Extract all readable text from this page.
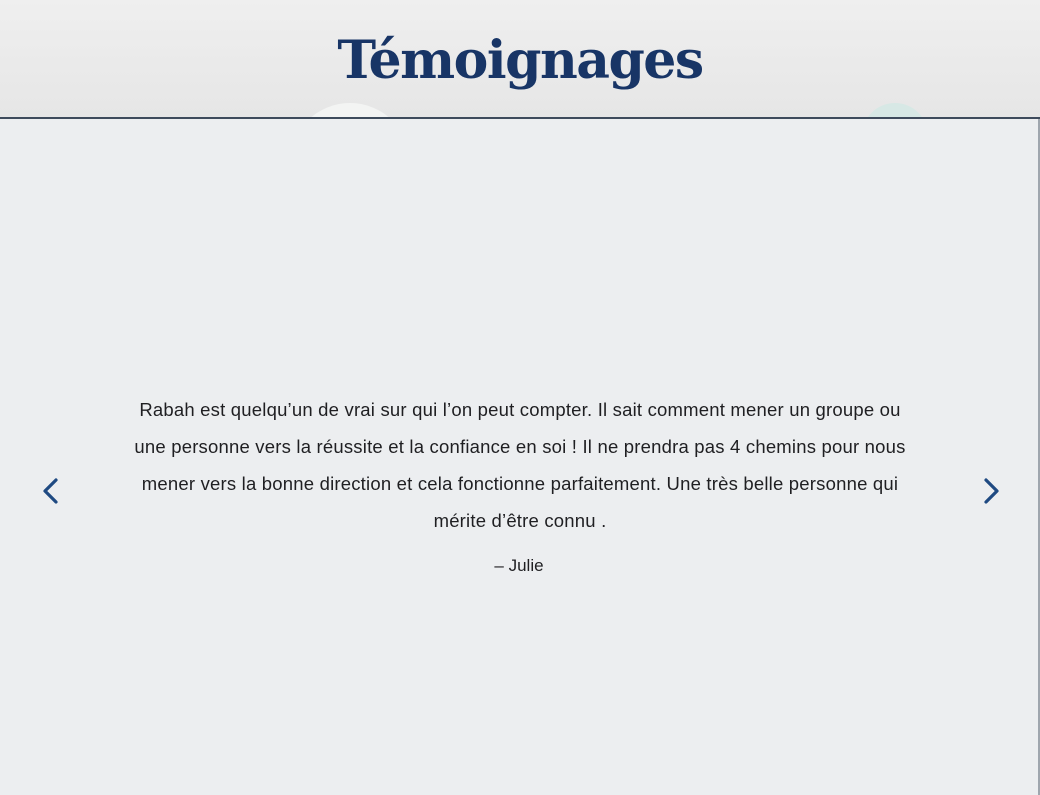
Témoignages

Rabah est quelqu’un de vrai sur qui l’on peut compter. Il sait comment mener un groupe ou une personne vers la réussite et la confiance en soi ! Il ne prendra pas 4 chemins pour nous mener vers la bonne direction et cela fonctionne parfaitement. Une très belle personne qui mérite d’être connu .

– Julie
